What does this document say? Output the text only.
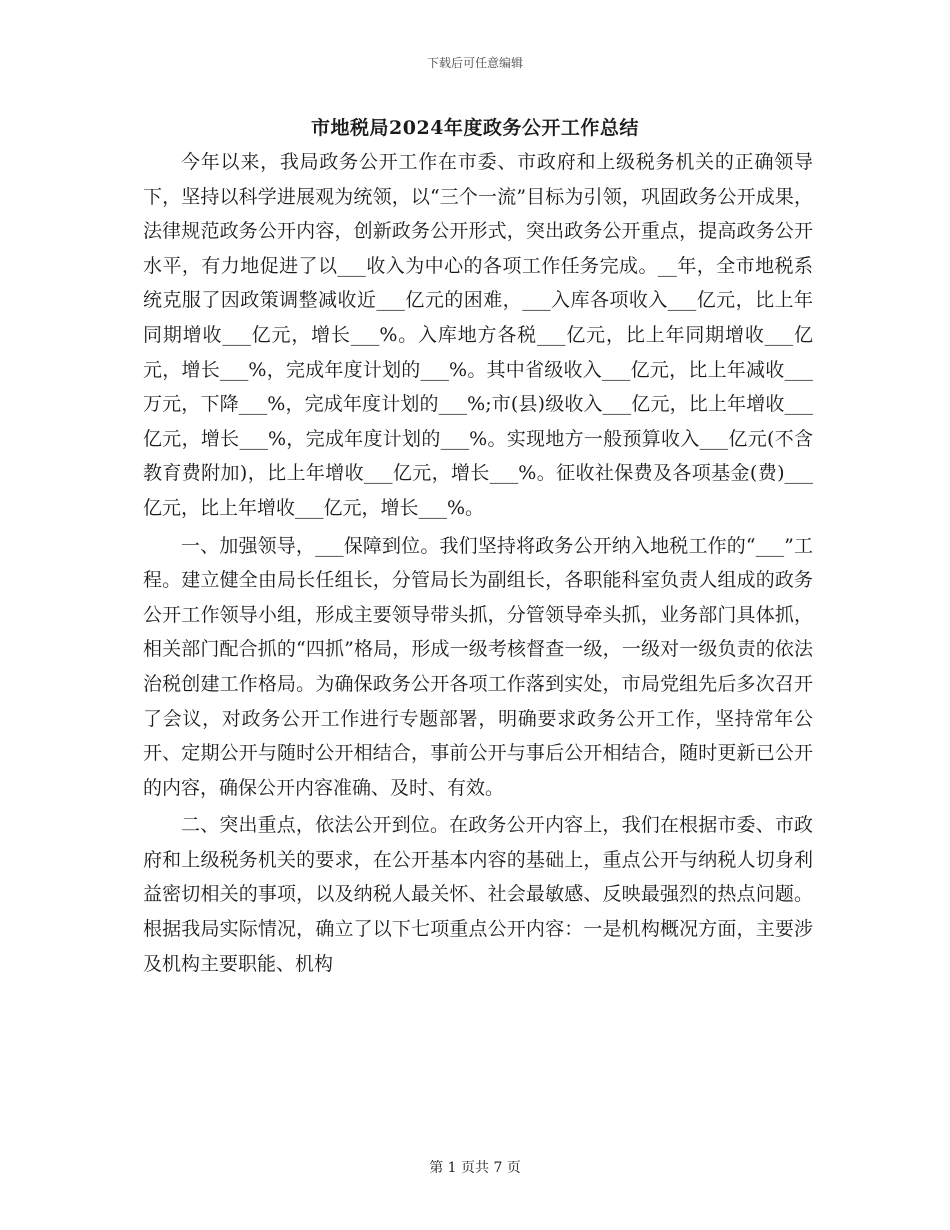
下载后可任意编辑
市地税局2024年度政务公开工作总结

今年以来，我局政务公开工作在市委、市政府和上级税务机关的正确领导下，坚持以科学进展观为统领，以“三个一流”目标为引领，巩固政务公开成果，法律规范政务公开内容，创新政务公开形式，突出政务公开重点，提高政务公开水平，有力地促进了以___收入为中心的各项工作任务完成。__年，全市地税系统克服了因政策调整减收近___亿元的困难，___入库各项收入___亿元，比上年同期增收___亿元，增长___%。入库地方各税___亿元，比上年同期增收___亿元，增长___%，完成年度计划的___%。其中省级收入___亿元，比上年减收___万元，下降___%，完成年度计划的___%;市(县)级收入___亿元，比上年增收___亿元，增长___%，完成年度计划的___%。实现地方一般预算收入___亿元(不含教育费附加)，比上年增收___亿元，增长___%。征收社保费及各项基金(费)___亿元，比上年增收___亿元，增长___%。

一、加强领导，___保障到位。我们坚持将政务公开纳入地税工作的“___”工程。建立健全由局长任组长，分管局长为副组长，各职能科室负责人组成的政务公开工作领导小组，形成主要领导带头抓，分管领导牵头抓，业务部门具体抓，相关部门配合抓的“四抓”格局，形成一级考核督查一级，一级对一级负责的依法治税创建工作格局。为确保政务公开各项工作落到实处，市局党组先后多次召开了会议，对政务公开工作进行专题部署，明确要求政务公开工作，坚持常年公开、定期公开与随时公开相结合，事前公开与事后公开相结合，随时更新已公开的内容，确保公开内容准确、及时、有效。

二、突出重点，依法公开到位。在政务公开内容上，我们在根据市委、市政府和上级税务机关的要求，在公开基本内容的基础上，重点公开与纳税人切身利益密切相关的事项，以及纳税人最关怀、社会最敏感、反映最强烈的热点问题。根据我局实际情况，确立了以下七项重点公开内容：一是机构概况方面，主要涉及机构主要职能、机构

第 1 页共 7 页
